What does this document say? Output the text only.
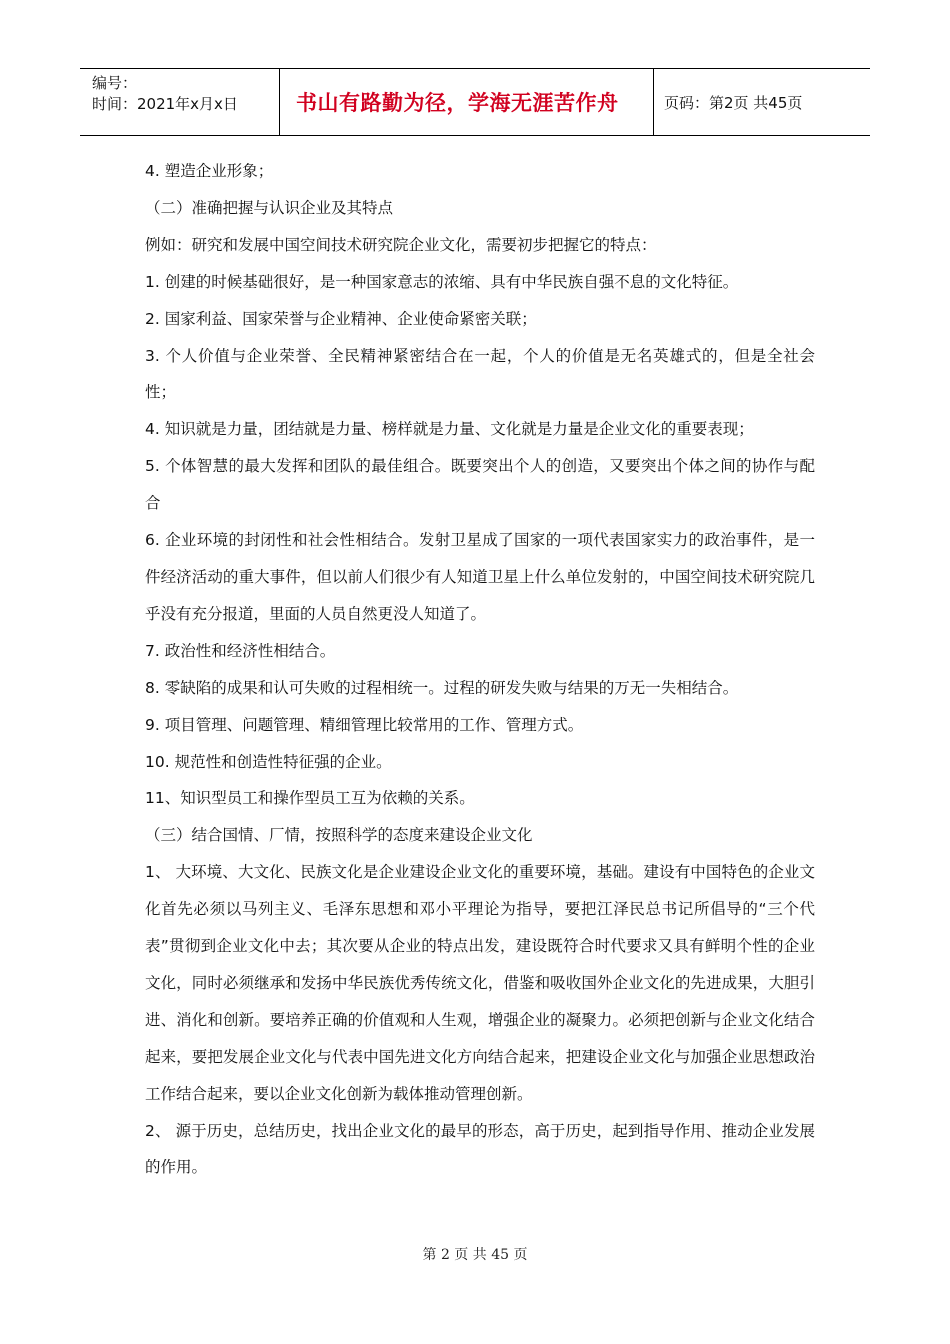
编号：
时间：2021年x月x日	书山有路勤为径，学海无涯苦作舟	页码：第2页 共45页

4. 塑造企业形象；

（二）准确把握与认识企业及其特点

例如：研究和发展中国空间技术研究院企业文化，需要初步把握它的特点：

1. 创建的时候基础很好，是一种国家意志的浓缩、具有中华民族自强不息的文化特征。

2. 国家利益、国家荣誉与企业精神、企业使命紧密关联；

3. 个人价值与企业荣誉、全民精神紧密结合在一起，个人的价值是无名英雄式的，但是全社会性；

4. 知识就是力量，团结就是力量、榜样就是力量、文化就是力量是企业文化的重要表现；

5. 个体智慧的最大发挥和团队的最佳组合。既要突出个人的创造，又要突出个体之间的协作与配合

6. 企业环境的封闭性和社会性相结合。发射卫星成了国家的一项代表国家实力的政治事件，是一件经济活动的重大事件，但以前人们很少有人知道卫星上什么单位发射的，中国空间技术研究院几乎没有充分报道，里面的人员自然更没人知道了。

7. 政治性和经济性相结合。

8. 零缺陷的成果和认可失败的过程相统一。过程的研发失败与结果的万无一失相结合。

9. 项目管理、问题管理、精细管理比较常用的工作、管理方式。

10. 规范性和创造性特征强的企业。

11、知识型员工和操作型员工互为依赖的关系。

（三）结合国情、厂情，按照科学的态度来建设企业文化

1、 大环境、大文化、民族文化是企业建设企业文化的重要环境，基础。建设有中国特色的企业文化首先必须以马列主义、毛泽东思想和邓小平理论为指导，要把江泽民总书记所倡导的“三个代表”贯彻到企业文化中去；其次要从企业的特点出发，建设既符合时代要求又具有鲜明个性的企业文化，同时必须继承和发扬中华民族优秀传统文化，借鉴和吸收国外企业文化的先进成果，大胆引进、消化和创新。要培养正确的价值观和人生观，增强企业的凝聚力。必须把创新与企业文化结合起来，要把发展企业文化与代表中国先进文化方向结合起来，把建设企业文化与加强企业思想政治工作结合起来，要以企业文化创新为载体推动管理创新。

2、 源于历史，总结历史，找出企业文化的最早的形态，高于历史，起到指导作用、推动企业发展的作用。

第 2 页 共 45 页
